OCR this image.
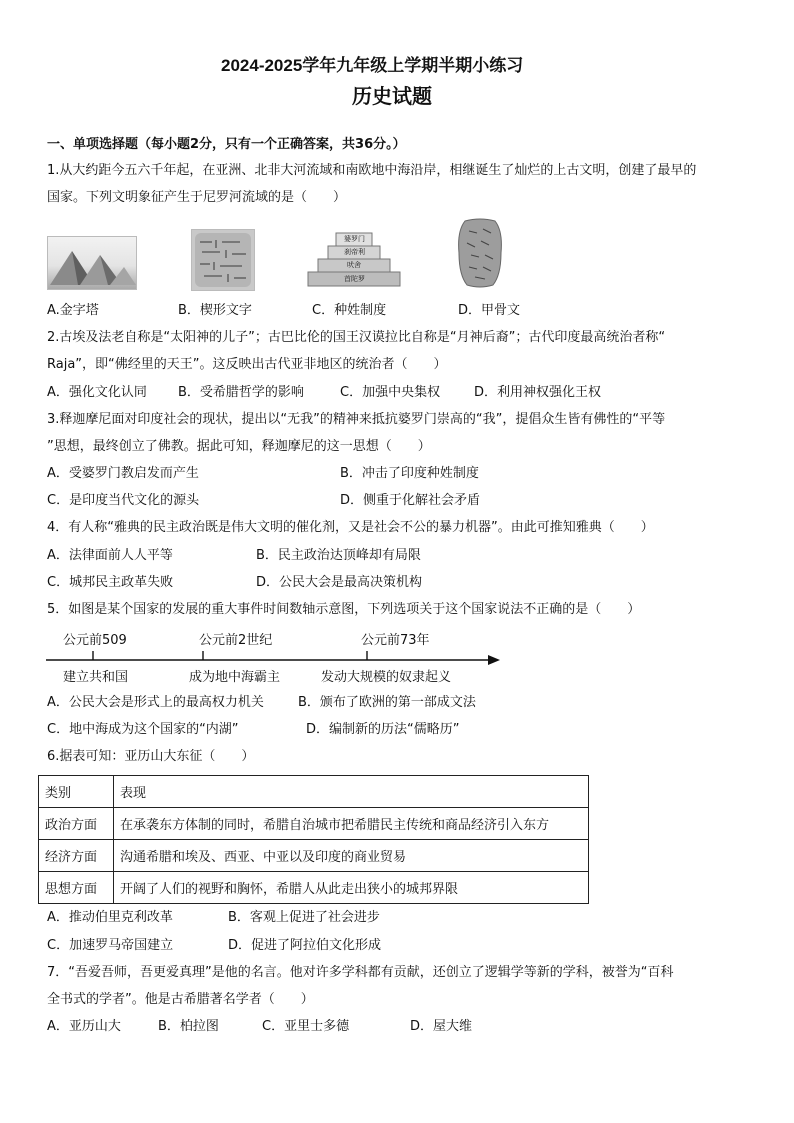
2024-2025学年九年级上学期半期小练习
历史试题
一、单项选择题（每小题2分，只有一个正确答案，共36分。）
1.从大约距今五六千年起，在亚洲、北非大河流域和南欧地中海沿岸，相继诞生了灿烂的上古文明，创建了最早的
国家。下列文明象征产生于尼罗河流域的是（　　）
婆罗门
刹帝利
吠舍
首陀罗
A.金字塔	B．楔形文字	C．种姓制度	D．甲骨文
2.古埃及法老自称是“太阳神的儿子”；古巴比伦的国王汉谟拉比自称是“月神后裔”；古代印度最高统治者称“
Raja”，即“佛经里的天王”。这反映出古代亚非地区的统治者（　　）
A．强化文化认同 B．受希腊哲学的影响	C．加强中央集权	D．利用神权强化王权
3.释迦摩尼面对印度社会的现状，提出以“无我”的精神来抵抗婆罗门崇高的“我”，提倡众生皆有佛性的“平等
”思想，最终创立了佛教。据此可知，释迦摩尼的这一思想（　　）
A．受婆罗门教启发而产生	B．冲击了印度种姓制度
C．是印度当代文化的源头	D．侧重于化解社会矛盾
4．有人称“雅典的民主政治既是伟大文明的催化剂，又是社会不公的暴力机器”。由此可推知雅典（　　）
A．法律面前人人平等	B．民主政治达顶峰却有局限
C．城邦民主政革失败	D．公民大会是最高决策机构
5．如图是某个国家的发展的重大事件时间数轴示意图，下列选项关于这个国家说法不正确的是（　　）
公元前509	公元前2世纪	公元前73年
建立共和国	成为地中海霸主	发动大规模的奴隶起义
A．公民大会是形式上的最高权力机关	B．颁布了欧洲的第一部成文法
C．地中海成为这个国家的“内湖”	D．编制新的历法“儒略历”
6.据表可知：亚历山大东征（　　）
类别	表现
政治方面	在承袭东方体制的同时，希腊自治城市把希腊民主传统和商品经济引入东方
经济方面	沟通希腊和埃及、西亚、中亚以及印度的商业贸易
思想方面	开阔了人们的视野和胸怀，希腊人从此走出狭小的城邦界限
A．推动伯里克利改革	B．客观上促进了社会进步
C．加速罗马帝国建立	D．促进了阿拉伯文化形成
7．“吾爱吾师，吾更爱真理”是他的名言。他对许多学科都有贡献，还创立了逻辑学等新的学科，被誉为“百科
全书式的学者”。他是古希腊著名学者（　　）
A．亚历山大	B．柏拉图	C．亚里士多德	D．屋大维
